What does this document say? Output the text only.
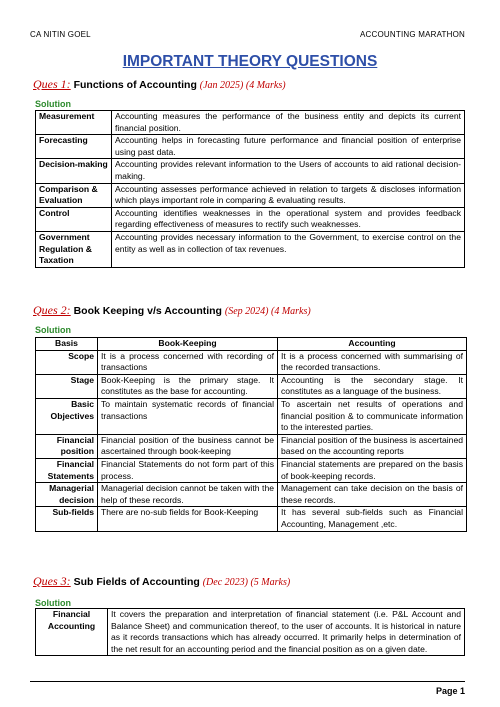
CA NITIN GOEL	ACCOUNTING MARATHON
IMPORTANT THEORY QUESTIONS
Ques 1: Functions of Accounting (Jan 2025) (4 Marks)
Solution
Measurement	Accounting measures the performance of the business entity and depicts its current financial position.
Forecasting	Accounting helps in forecasting future performance and financial position of enterprise using past data.
Decision-making	Accounting provides relevant information to the Users of accounts to aid rational decision-making.
Comparison & Evaluation	Accounting assesses performance achieved in relation to targets & discloses information which plays important role in comparing & evaluating results.
Control	Accounting identifies weaknesses in the operational system and provides feedback regarding effectiveness of measures to rectify such weaknesses.
Government Regulation & Taxation	Accounting provides necessary information to the Government, to exercise control on the entity as well as in collection of tax revenues.
Ques 2: Book Keeping v/s Accounting (Sep 2024) (4 Marks)
Solution
Basis	Book-Keeping	Accounting
Scope	It is a process concerned with recording of transactions	It is a process concerned with summarising of the recorded transactions.
Stage	Book-Keeping is the primary stage. It constitutes as the base for accounting.	Accounting is the secondary stage. It constitutes as a language of the business.
Basic Objectives	To maintain systematic records of financial transactions	To ascertain net results of operations and financial position & to communicate information to the interested parties.
Financial position	Financial position of the business cannot be ascertained through book-keeping	Financial position of the business is ascertained based on the accounting reports
Financial Statements	Financial Statements do not form part of this process.	Financial statements are prepared on the basis of book-keeping records.
Managerial decision	Managerial decision cannot be taken with the help of these records.	Management can take decision on the basis of these records.
Sub-fields	There are no-sub fields for Book-Keeping	It has several sub-fields such as Financial Accounting, Management ,etc.
Ques 3: Sub Fields of Accounting (Dec 2023) (5 Marks)
Solution
Financial Accounting	It covers the preparation and interpretation of financial statement (i.e. P&L Account and Balance Sheet) and communication thereof, to the user of accounts. It is historical in nature as it records transactions which has already occurred. It primarily helps in determination of the net result for an accounting period and the financial position as on a given date.
Page 1
